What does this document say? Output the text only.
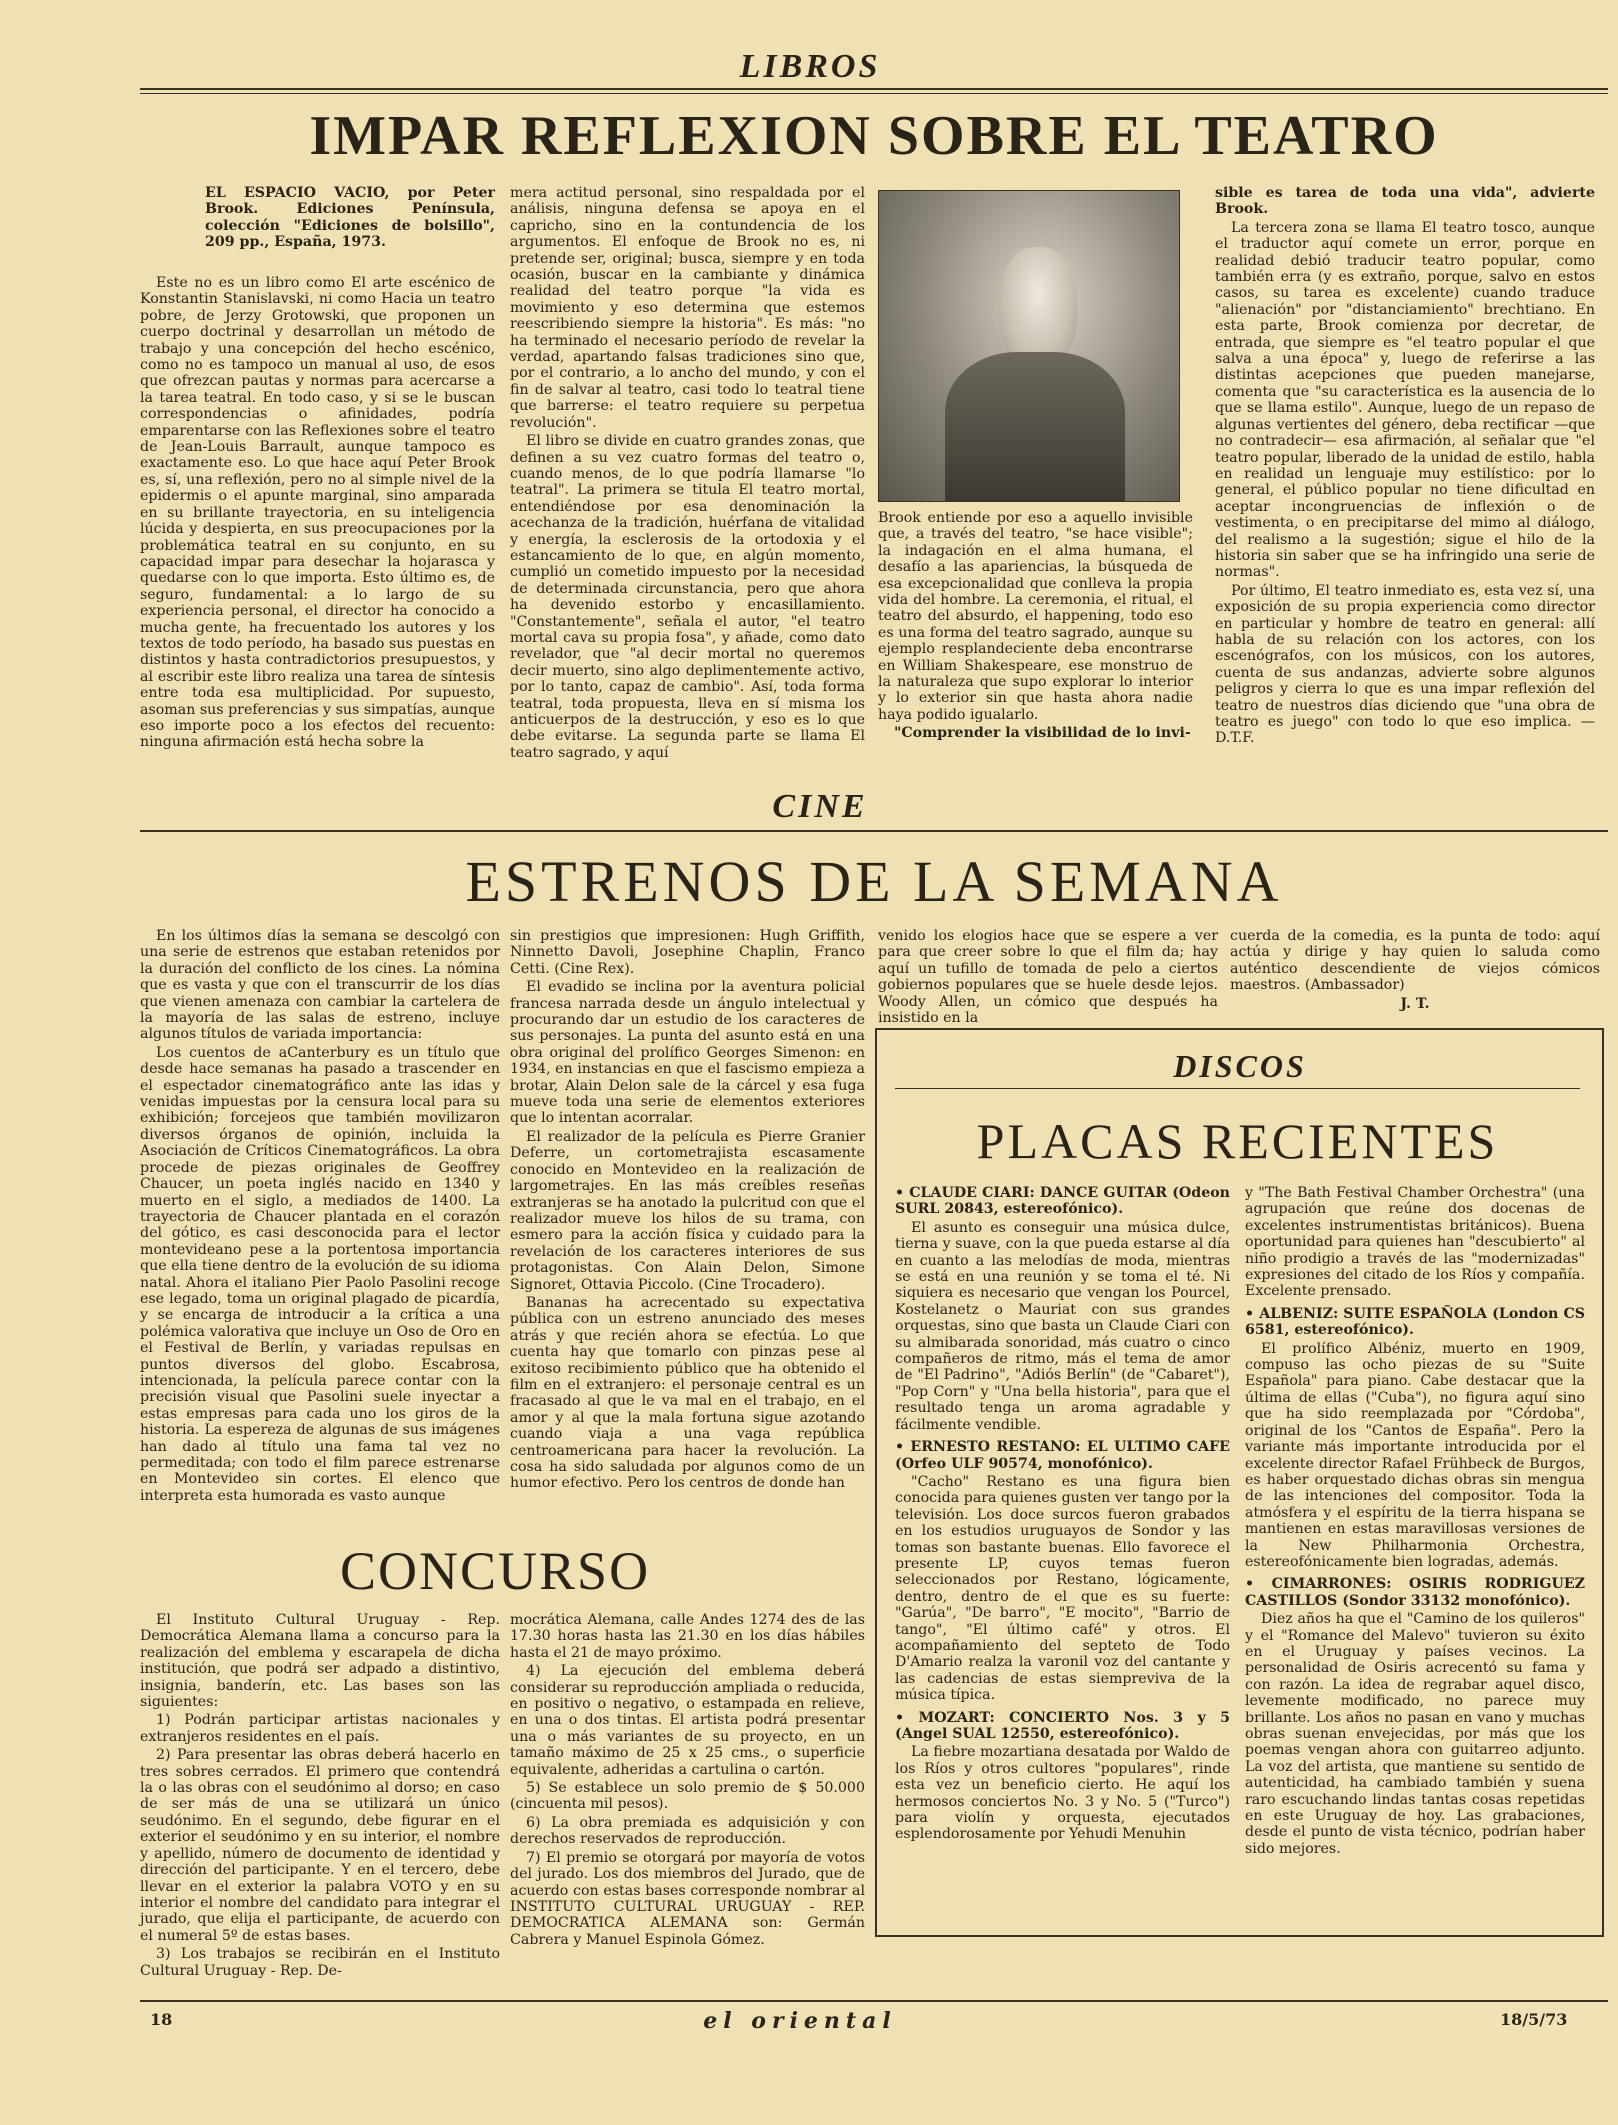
LIBROS
IMPAR REFLEXION SOBRE EL TEATRO

EL ESPACIO VACIO, por Peter Brook. Ediciones Península, colección "Ediciones de bolsillo", 209 pp., España, 1973.

Este no es un libro como El arte escénico de Konstantin Stanislavski, ni como Hacia un teatro pobre, de Jerzy Grotowski, que proponen un cuerpo doctrinal y desarrollan un método de trabajo y una concepción del hecho escénico, como no es tampoco un manual al uso, de esos que ofrezcan pautas y normas para acercarse a la tarea teatral. En todo caso, y si se le buscan correspondencias o afinidades, podría emparentarse con las Reflexiones sobre el teatro de Jean-Louis Barrault, aunque tampoco es exactamente eso. Lo que hace aquí Peter Brook es, sí, una reflexión, pero no al simple nivel de la epidermis o el apunte marginal, sino amparada en su brillante trayectoria, en su inteligencia lúcida y despierta, en sus preocupaciones por la problemática teatral en su conjunto, en su capacidad impar para desechar la hojarasca y quedarse con lo que importa. Esto último es, de seguro, fundamental: a lo largo de su experiencia personal, el director ha conocido a mucha gente, ha frecuentado los autores y los textos de todo período, ha basado sus puestas en distintos y hasta contradictorios presupuestos, y al escribir este libro realiza una tarea de síntesis entre toda esa multiplicidad. Por supuesto, asoman sus preferencias y sus simpatías, aunque eso importe poco a los efectos del recuento: ninguna afirmación está hecha sobre la

mera actitud personal, sino respaldada por el análisis, ninguna defensa se apoya en el capricho, sino en la contundencia de los argumentos. El enfoque de Brook no es, ni pretende ser, original; busca, siempre y en toda ocasión, buscar en la cambiante y dinámica realidad del teatro porque "la vida es movimiento y eso determina que estemos reescribiendo siempre la historia". Es más: "no ha terminado el necesario período de revelar la verdad, apartando falsas tradiciones sino que, por el contrario, a lo ancho del mundo, y con el fin de salvar al teatro, casi todo lo teatral tiene que barrerse: el teatro requiere su perpetua revolución".

El libro se divide en cuatro grandes zonas, que definen a su vez cuatro formas del teatro o, cuando menos, de lo que podría llamarse "lo teatral". La primera se titula El teatro mortal, entendiéndose por esa denominación la acechanza de la tradición, huérfana de vitalidad y energía, la esclerosis de la ortodoxia y el estancamiento de lo que, en algún momento, cumplió un cometido impuesto por la necesidad de determinada circunstancia, pero que ahora ha devenido estorbo y encasillamiento. "Constantemente", señala el autor, "el teatro mortal cava su propia fosa", y añade, como dato revelador, que "al decir mortal no queremos decir muerto, sino algo deplimentemente activo, por lo tanto, capaz de cambio". Así, toda forma teatral, toda propuesta, lleva en sí misma los anticuerpos de la destrucción, y eso es lo que debe evitarse. La segunda parte se llama El teatro sagrado, y aquí

Brook entiende por eso a aquello invisible que, a través del teatro, "se hace visible"; la indagación en el alma humana, el desafío a las apariencias, la búsqueda de esa excepcionalidad que conlleva la propia vida del hombre. La ceremonia, el ritual, el teatro del absurdo, el happening, todo eso es una forma del teatro sagrado, aunque su ejemplo resplandeciente deba encontrarse en William Shakespeare, ese monstruo de la naturaleza que supo explorar lo interior y lo exterior sin que hasta ahora nadie haya podido igualarlo.

"Comprender la visibilidad de lo invi-

sible es tarea de toda una vida", advierte Brook.

La tercera zona se llama El teatro tosco, aunque el traductor aquí comete un error, porque en realidad debió traducir teatro popular, como también erra (y es extraño, porque, salvo en estos casos, su tarea es excelente) cuando traduce "alienación" por "distanciamiento" brechtiano. En esta parte, Brook comienza por decretar, de entrada, que siempre es "el teatro popular el que salva a una época" y, luego de referirse a las distintas acepciones que pueden manejarse, comenta que "su característica es la ausencia de lo que se llama estilo". Aunque, luego de un repaso de algunas vertientes del género, deba rectificar —que no contradecir— esa afirmación, al señalar que "el teatro popular, liberado de la unidad de estilo, habla en realidad un lenguaje muy estilístico: por lo general, el público popular no tiene dificultad en aceptar incongruencias de inflexión o de vestimenta, o en precipitarse del mimo al diálogo, del realismo a la sugestión; sigue el hilo de la historia sin saber que se ha infringido una serie de normas".

Por último, El teatro inmediato es, esta vez sí, una exposición de su propia experiencia como director en particular y hombre de teatro en general: allí habla de su relación con los actores, con los escenógrafos, con los músicos, con los autores, cuenta de sus andanzas, advierte sobre algunos peligros y cierra lo que es una impar reflexión del teatro de nuestros días diciendo que "una obra de teatro es juego" con todo lo que eso implica. — D.T.F.

CINE
ESTRENOS DE LA SEMANA

En los últimos días la semana se descolgó con una serie de estrenos que estaban retenidos por la duración del conflicto de los cines. La nómina que es vasta y que con el transcurrir de los días que vienen amenaza con cambiar la cartelera de la mayoría de las salas de estreno, incluye algunos títulos de variada importancia:

Los cuentos de aCanterbury es un título que desde hace semanas ha pasado a trascender en el espectador cinematográfico ante las idas y venidas impuestas por la censura local para su exhibición; forcejeos que también movilizaron diversos órganos de opinión, incluida la Asociación de Críticos Cinematográficos. La obra procede de piezas originales de Geoffrey Chaucer, un poeta inglés nacido en 1340 y muerto en el siglo, a mediados de 1400. La trayectoria de Chaucer plantada en el corazón del gótico, es casi desconocida para el lector montevideano pese a la portentosa importancia que ella tiene dentro de la evolución de su idioma natal. Ahora el italiano Pier Paolo Pasolini recoge ese legado, toma un original plagado de picardía, y se encarga de introducir a la crítica a una polémica valorativa que incluye un Oso de Oro en el Festival de Berlín, y variadas repulsas en puntos diversos del globo. Escabrosa, intencionada, la película parece contar con la precisión visual que Pasolini suele inyectar a estas empresas para cada uno los giros de la historia. La espereza de algunas de sus imágenes han dado al título una fama tal vez no permeditada; con todo el film parece estrenarse en Montevideo sin cortes. El elenco que interpreta esta humorada es vasto aunque

sin prestigios que impresionen: Hugh Griffith, Ninnetto Davoli, Josephine Chaplin, Franco Cetti. (Cine Rex).

El evadido se inclina por la aventura policial francesa narrada desde un ángulo intelectual y procurando dar un estudio de los caracteres de sus personajes. La punta del asunto está en una obra original del prolífico Georges Simenon: en 1934, en instancias en que el fascismo empieza a brotar, Alain Delon sale de la cárcel y esa fuga mueve toda una serie de elementos exteriores que lo intentan acorralar.

El realizador de la película es Pierre Granier Deferre, un cortometrajista escasamente conocido en Montevideo en la realización de largometrajes. En las más creíbles reseñas extranjeras se ha anotado la pulcritud con que el realizador mueve los hilos de su trama, con esmero para la acción física y cuidado para la revelación de los caracteres interiores de sus protagonistas. Con Alain Delon, Simone Signoret, Ottavia Piccolo. (Cine Trocadero).

Bananas ha acrecentado su expectativa pública con un estreno anunciado des meses atrás y que recién ahora se efectúa. Lo que cuenta hay que tomarlo con pinzas pese al exitoso recibimiento público que ha obtenido el film en el extranjero: el personaje central es un fracasado al que le va mal en el trabajo, en el amor y al que la mala fortuna sigue azotando cuando viaja a una vaga república centroamericana para hacer la revolución. La cosa ha sido saludada por algunos como de un humor efectivo. Pero los centros de donde han

venido los elogios hace que se espere a ver para que creer sobre lo que el film da; hay aquí un tufillo de tomada de pelo a ciertos gobiernos populares que se huele desde lejos. Woody Allen, un cómico que después ha insistido en la

cuerda de la comedia, es la punta de todo: aquí actúa y dirige y hay quien lo saluda como auténtico descendiente de viejos cómicos maestros. (Ambassador)

J. T.

DISCOS
PLACAS RECIENTES

• CLAUDE CIARI: DANCE GUITAR (Odeon SURL 20843, estereofónico).

El asunto es conseguir una música dulce, tierna y suave, con la que pueda estarse al día en cuanto a las melodías de moda, mientras se está en una reunión y se toma el té. Ni siquiera es necesario que vengan los Pourcel, Kostelanetz o Mauriat con sus grandes orquestas, sino que basta un Claude Ciari con su almibarada sonoridad, más cuatro o cinco compañeros de ritmo, más el tema de amor de "El Padrino", "Adiós Berlín" (de "Cabaret"), "Pop Corn" y "Una bella historia", para que el resultado tenga un aroma agradable y fácilmente vendible.

• ERNESTO RESTANO: EL ULTIMO CAFE (Orfeo ULF 90574, monofónico).

"Cacho" Restano es una figura bien conocida para quienes gusten ver tango por la televisión. Los doce surcos fueron grabados en los estudios uruguayos de Sondor y las tomas son bastante buenas. Ello favorece el presente LP, cuyos temas fueron seleccionados por Restano, lógicamente, dentro, dentro de el que es su fuerte: "Garúa", "De barro", "E mocito", "Barrio de tango", "El último café" y otros. El acompañamiento del septeto de Todo D'Amario realza la varonil voz del cantante y las cadencias de estas siempreviva de la música típica.

• MOZART: CONCIERTO Nos. 3 y 5 (Angel SUAL 12550, estereofónico).

La fiebre mozartiana desatada por Waldo de los Ríos y otros cultores "populares", rinde esta vez un beneficio cierto. He aquí los hermosos conciertos No. 3 y No. 5 ("Turco") para violín y orquesta, ejecutados esplendorosamente por Yehudi Menuhin

y "The Bath Festival Chamber Orchestra" (una agrupación que reúne dos docenas de excelentes instrumentistas británicos). Buena oportunidad para quienes han "descubierto" al niño prodigio a través de las "modernizadas" expresiones del citado de los Ríos y compañía. Excelente prensado.

• ALBENIZ: SUITE ESPAÑOLA (London CS 6581, estereofónico).

El prolífico Albéniz, muerto en 1909, compuso las ocho piezas de su "Suite Española" para piano. Cabe destacar que la última de ellas ("Cuba"), no figura aquí sino que ha sido reemplazada por "Córdoba", original de los "Cantos de España". Pero la variante más importante introducida por el excelente director Rafael Frühbeck de Burgos, es haber orquestado dichas obras sin mengua de las intenciones del compositor. Toda la atmósfera y el espíritu de la tierra hispana se mantienen en estas maravillosas versiones de la New Philharmonia Orchestra, estereofónicamente bien logradas, además.

• CIMARRONES: OSIRIS RODRIGUEZ CASTILLOS (Sondor 33132 monofónico).

Diez años ha que el "Camino de los quileros" y el "Romance del Malevo" tuvieron su éxito en el Uruguay y países vecinos. La personalidad de Osiris acrecentó su fama y con razón. La idea de regrabar aquel disco, levemente modificado, no parece muy brillante. Los años no pasan en vano y muchas obras suenan envejecidas, por más que los poemas vengan ahora con guitarreo adjunto. La voz del artista, que mantiene su sentido de autenticidad, ha cambiado también y suena raro escuchando lindas tantas cosas repetidas en este Uruguay de hoy. Las grabaciones, desde el punto de vista técnico, podrían haber sido mejores.

CONCURSO

El Instituto Cultural Uruguay - Rep. Democrática Alemana llama a concurso para la realización del emblema y escarapela de dicha institución, que podrá ser adpado a distintivo, insignia, banderín, etc. Las bases son las siguientes:

1) Podrán participar artistas nacionales y extranjeros residentes en el país.

2) Para presentar las obras deberá hacerlo en tres sobres cerrados. El primero que contendrá la o las obras con el seudónimo al dorso; en caso de ser más de una se utilizará un único seudónimo. En el segundo, debe figurar en el exterior el seudónimo y en su interior, el nombre y apellido, número de documento de identidad y dirección del participante. Y en el tercero, debe llevar en el exterior la palabra VOTO y en su interior el nombre del candidato para integrar el jurado, que elija el participante, de acuerdo con el numeral 5º de estas bases.

3) Los trabajos se recibirán en el Instituto Cultural Uruguay - Rep. De-

mocrática Alemana, calle Andes 1274 des de las 17.30 horas hasta las 21.30 en los días hábiles hasta el 21 de mayo próximo.

4) La ejecución del emblema deberá considerar su reproducción ampliada o reducida, en positivo o negativo, o estampada en relieve, en una o dos tintas. El artista podrá presentar una o más variantes de su proyecto, en un tamaño máximo de 25 x 25 cms., o superficie equivalente, adheridas a cartulina o cartón.

5) Se establece un solo premio de $ 50.000 (cincuenta mil pesos).

6) La obra premiada es adquisición y con derechos reservados de reproducción.

7) El premio se otorgará por mayoría de votos del jurado. Los dos miembros del Jurado, que de acuerdo con estas bases corresponde nombrar al INSTITUTO CULTURAL URUGUAY - REP. DEMOCRATICA ALEMANA son: Germán Cabrera y Manuel Espinola Gómez.

18	el oriental	18/5/73
